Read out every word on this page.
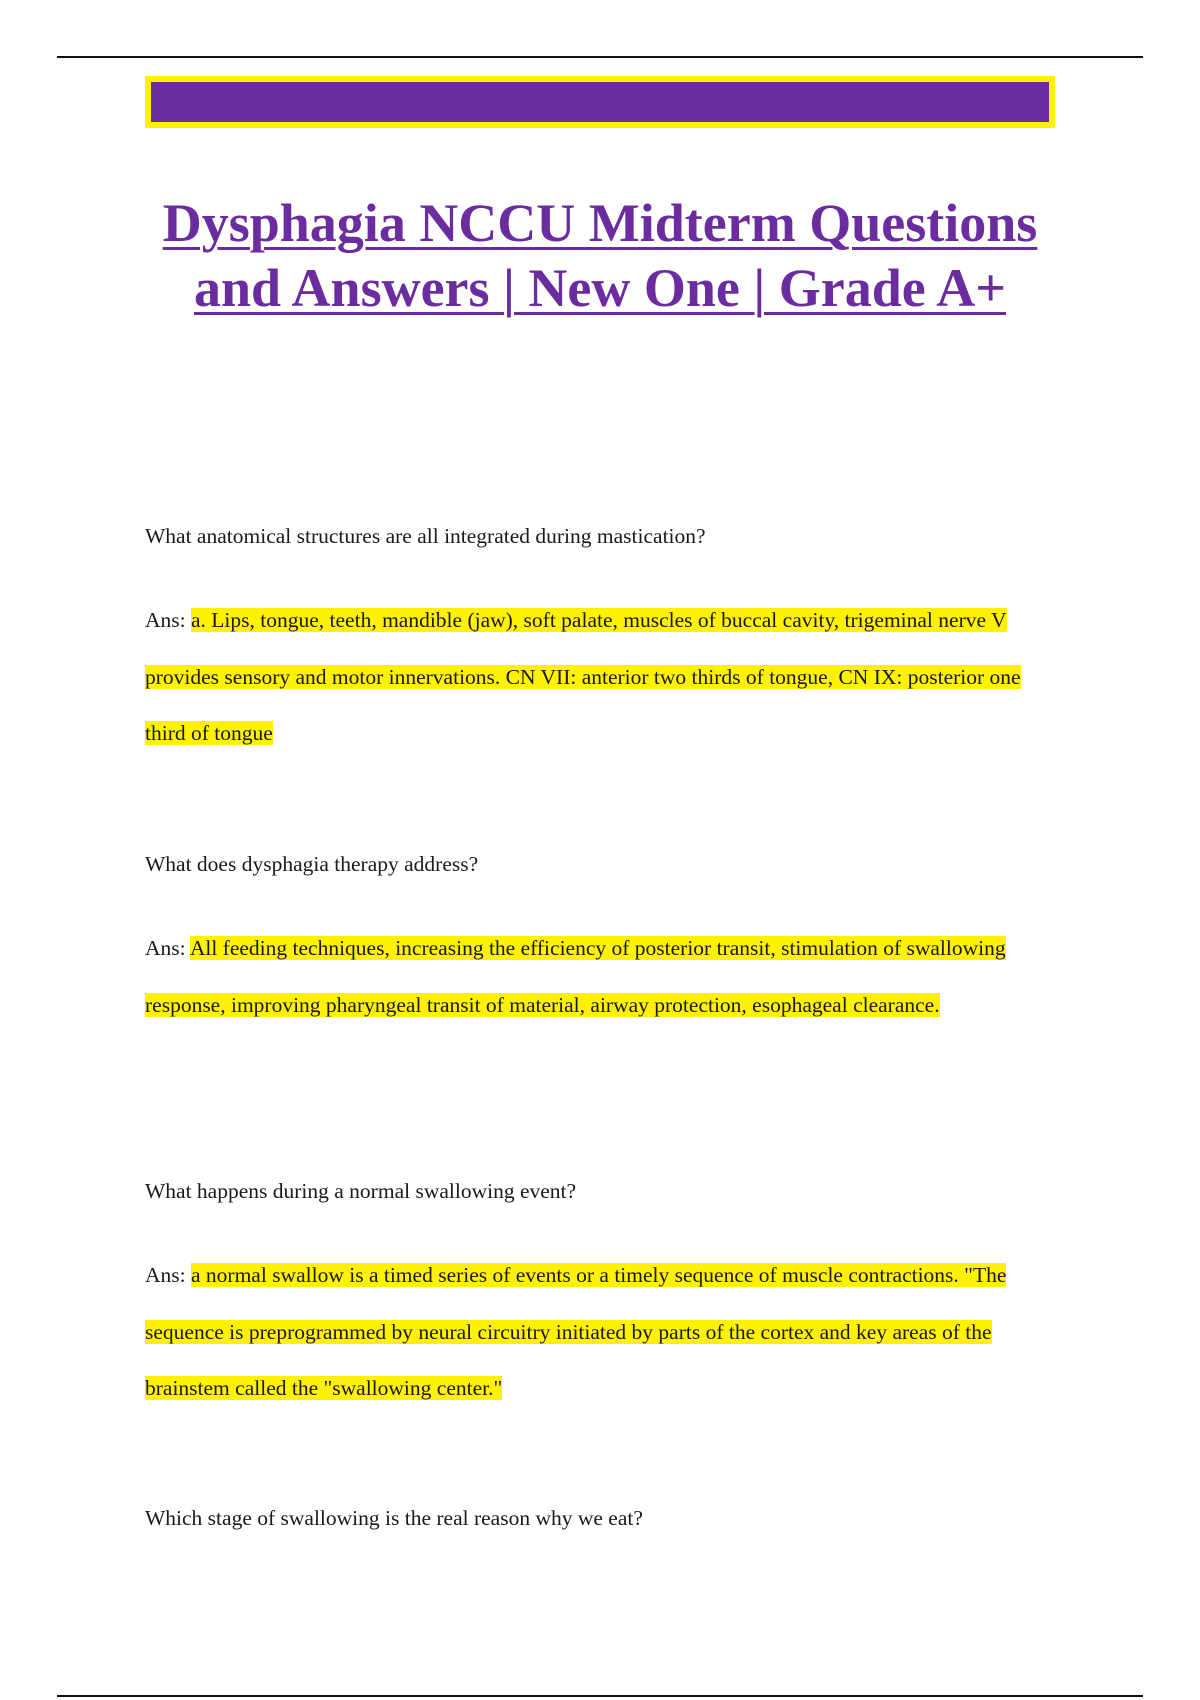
Dysphagia NCCU Midterm Questions and Answers | New One | Grade A+

What anatomical structures are all integrated during mastication?

Ans: a. Lips, tongue, teeth, mandible (jaw), soft palate, muscles of buccal cavity, trigeminal nerve V provides sensory and motor innervations. CN VII: anterior two thirds of tongue, CN IX: posterior one third of tongue

What does dysphagia therapy address?

Ans: All feeding techniques, increasing the efficiency of posterior transit, stimulation of swallowing response, improving pharyngeal transit of material, airway protection, esophageal clearance.

What happens during a normal swallowing event?

Ans: a normal swallow is a timed series of events or a timely sequence of muscle contractions. "The sequence is preprogrammed by neural circuitry initiated by parts of the cortex and key areas of the brainstem called the "swallowing center."

Which stage of swallowing is the real reason why we eat?
